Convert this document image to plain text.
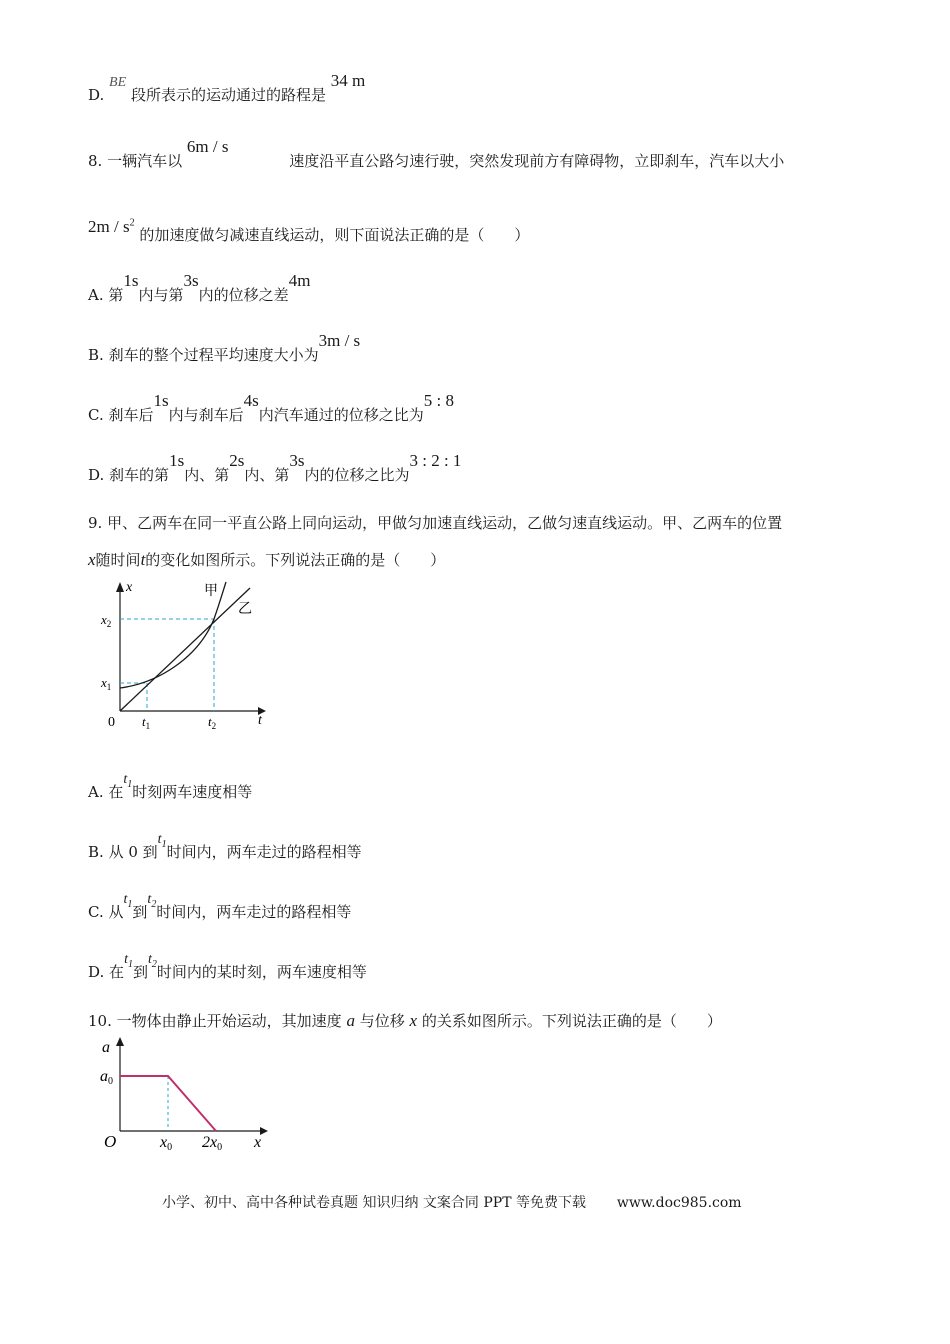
D. BE 段所表示的运动通过的路程是 34 m
8. 一辆汽车以 6m / s 速度沿平直公路匀速行驶，突然发现前方有障碍物，立即刹车，汽车以大小
$2m / s^2$ 的加速度做匀减速直线运动，则下面说法正确的是（　　）
A. 第1s内与第3s内的位移之差4m
B. 刹车的整个过程平均速度大小为3m / s
C. 刹车后1s内与刹车后4s内汽车通过的位移之比为5 : 8
D. 刹车的第1s内、第2s内、第3s内的位移之比为3 : 2 : 1
9. 甲、乙两车在同一平直公路上同向运动，甲做匀加速直线运动，乙做匀速直线运动。甲、乙两车的位置
x随时间t的变化如图所示。下列说法正确的是（　　）
x
t
0
$x_2$
$x_1$
$t_1$	$t_2$
甲
乙
A. 在$t_1$时刻两车速度相等
B. 从 0 到$t_1$时间内，两车走过的路程相等
C. 从$t_1$到$t_2$时间内，两车走过的路程相等
D. 在$t_1$到$t_2$时间内的某时刻，两车速度相等
10. 一物体由静止开始运动，其加速度 a 与位移 x 的关系如图所示。下列说法正确的是（　　）
a
a0
O	x0 2x0 x
小学、初中、高中各种试卷真题 知识归纳 文案合同 PPT 等免费下载 www.doc985.com
